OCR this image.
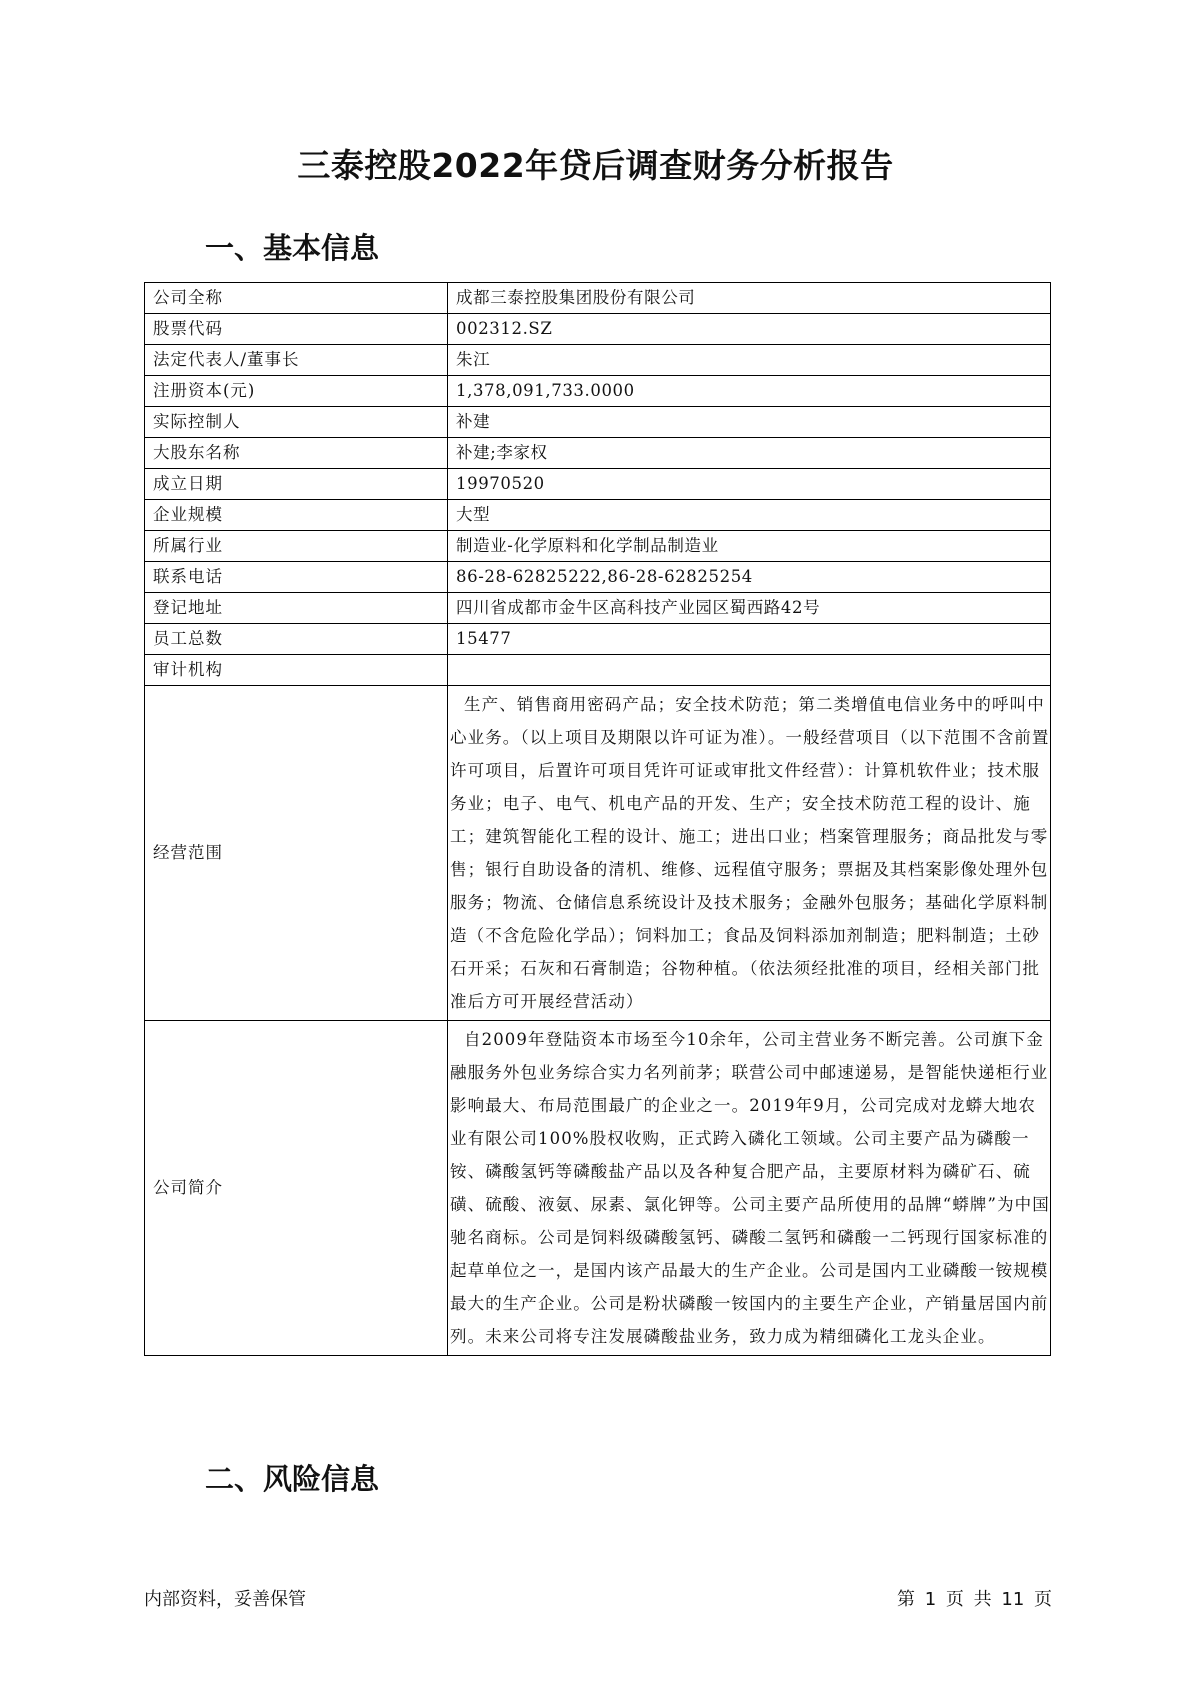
三泰控股2022年贷后调查财务分析报告
一、基本信息
公司全称	成都三泰控股集团股份有限公司
股票代码	002312.SZ
法定代表人/董事长	朱江
注册资本(元)	1,378,091,733.0000
实际控制人	补建
大股东名称	补建;李家权
成立日期	19970520
企业规模	大型
所属行业	制造业-化学原料和化学制品制造业
联系电话	86-28-62825222,86-28-62825254
登记地址	四川省成都市金牛区高科技产业园区蜀西路42号
员工总数	15477
审计机构	
经营范围	生产、销售商用密码产品；安全技术防范；第二类增值电信业务中的呼叫中心业务。（以上项目及期限以许可证为准）。一般经营项目（以下范围不含前置许可项目，后置许可项目凭许可证或审批文件经营）：计算机软件业；技术服务业；电子、电气、机电产品的开发、生产；安全技术防范工程的设计、施工；建筑智能化工程的设计、施工；进出口业；档案管理服务；商品批发与零售；银行自助设备的清机、维修、远程值守服务；票据及其档案影像处理外包服务；物流、仓储信息系统设计及技术服务；金融外包服务；基础化学原料制造（不含危险化学品）；饲料加工；食品及饲料添加剂制造；肥料制造；土砂石开采；石灰和石膏制造；谷物种植。（依法须经批准的项目，经相关部门批准后方可开展经营活动）
公司简介	自2009年登陆资本市场至今10余年，公司主营业务不断完善。公司旗下金融服务外包业务综合实力名列前茅；联营公司中邮速递易，是智能快递柜行业影响最大、布局范围最广的企业之一。2019年9月，公司完成对龙蟒大地农业有限公司100%股权收购，正式跨入磷化工领域。公司主要产品为磷酸一铵、磷酸氢钙等磷酸盐产品以及各种复合肥产品，主要原材料为磷矿石、硫磺、硫酸、液氨、尿素、氯化钾等。公司主要产品所使用的品牌“蟒牌”为中国驰名商标。公司是饲料级磷酸氢钙、磷酸二氢钙和磷酸一二钙现行国家标准的起草单位之一，是国内该产品最大的生产企业。公司是国内工业磷酸一铵规模最大的生产企业。公司是粉状磷酸一铵国内的主要生产企业，产销量居国内前列。未来公司将专注发展磷酸盐业务，致力成为精细磷化工龙头企业。
二、风险信息
内部资料，妥善保管	第 1 页 共 11 页
